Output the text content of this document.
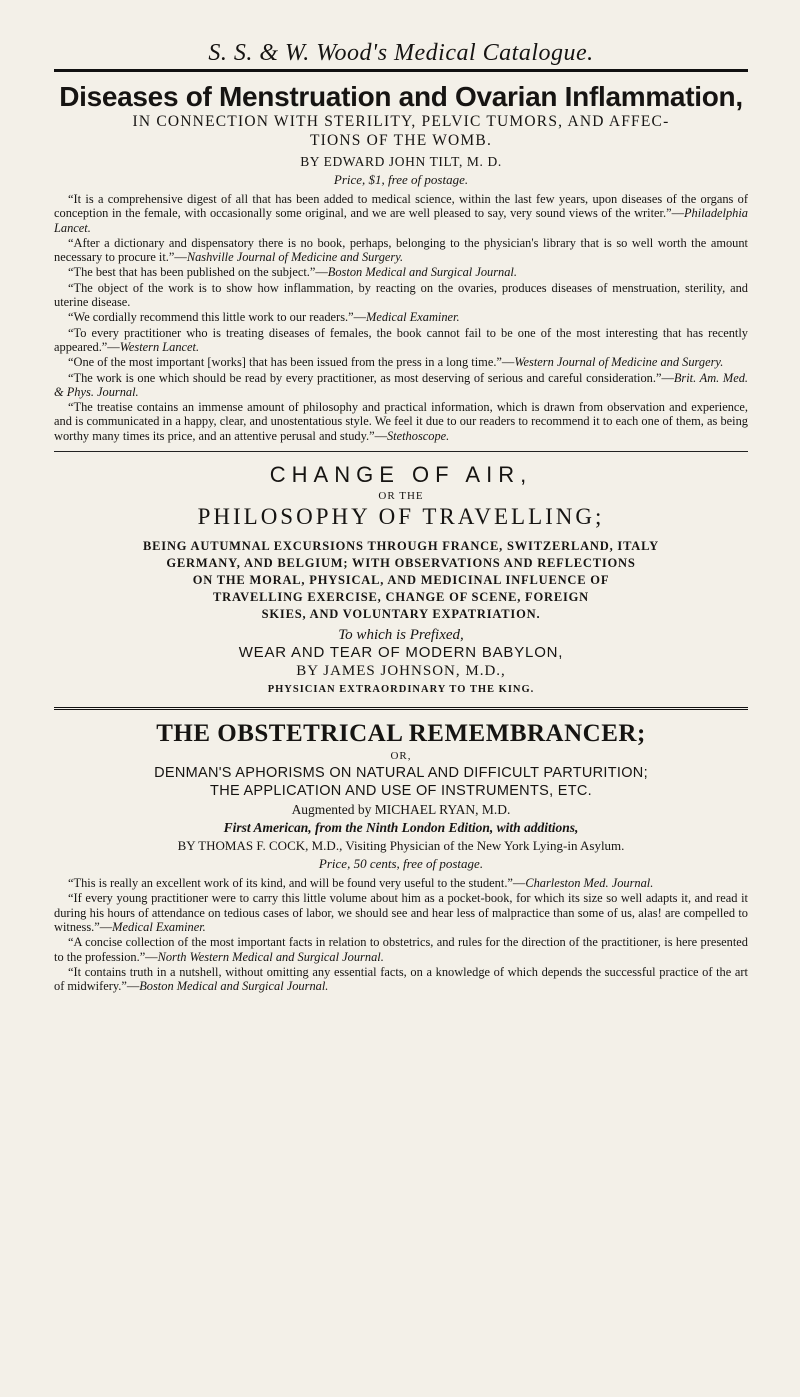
S. S. & W. Wood's Medical Catalogue.
Diseases of Menstruation and Ovarian Inflammation,
IN CONNECTION WITH STERILITY, PELVIC TUMORS, AND AFFEC-
TIONS OF THE WOMB.
BY EDWARD JOHN TILT, M. D.
Price, $1, free of postage.

“It is a comprehensive digest of all that has been added to medical science, within the last few years, upon diseases of the organs of conception in the female, with occasionally some original, and we are well pleased to say, very sound views of the writer.”—Philadelphia Lancet.

“After a dictionary and dispensatory there is no book, perhaps, belonging to the physician's library that is so well worth the amount necessary to procure it.”—Nashville Journal of Medicine and Surgery.

“The best that has been published on the subject.”—Boston Medical and Surgical Journal.

“The object of the work is to show how inflammation, by reacting on the ovaries, produces diseases of menstruation, sterility, and uterine disease.

“We cordially recommend this little work to our readers.”—Medical Examiner.

“To every practitioner who is treating diseases of females, the book cannot fail to be one of the most interesting that has recently appeared.”—Western Lancet.

“One of the most important [works] that has been issued from the press in a long time.”—Western Journal of Medicine and Surgery.

“The work is one which should be read by every practitioner, as most deserving of serious and careful consideration.”—Brit. Am. Med. & Phys. Journal.

“The treatise contains an immense amount of philosophy and practical information, which is drawn from observation and experience, and is communicated in a happy, clear, and unostentatious style. We feel it due to our readers to recommend it to each one of them, as being worthy many times its price, and an attentive perusal and study.”—Stethoscope.

CHANGE OF AIR,
OR THE
PHILOSOPHY OF TRAVELLING;
BEING AUTUMNAL EXCURSIONS THROUGH FRANCE, SWITZERLAND, ITALY
GERMANY, AND BELGIUM; WITH OBSERVATIONS AND REFLECTIONS
ON THE MORAL, PHYSICAL, AND MEDICINAL INFLUENCE OF
TRAVELLING EXERCISE, CHANGE OF SCENE, FOREIGN
SKIES, AND VOLUNTARY EXPATRIATION.
To which is Prefixed,
WEAR AND TEAR OF MODERN BABYLON,
BY JAMES JOHNSON, M.D.,
PHYSICIAN EXTRAORDINARY TO THE KING.
THE OBSTETRICAL REMEMBRANCER;
OR,
DENMAN'S APHORISMS ON NATURAL AND DIFFICULT PARTURITION;
THE APPLICATION AND USE OF INSTRUMENTS, ETC.
Augmented by MICHAEL RYAN, M.D.
First American, from the Ninth London Edition, with additions,
BY THOMAS F. COCK, M.D., Visiting Physician of the New York Lying-in Asylum.
Price, 50 cents, free of postage.

“This is really an excellent work of its kind, and will be found very useful to the student.”—Charleston Med. Journal.

“If every young practitioner were to carry this little volume about him as a pocket-book, for which its size so well adapts it, and read it during his hours of attendance on tedious cases of labor, we should see and hear less of malpractice than some of us, alas! are compelled to witness.”—Medical Examiner.

“A concise collection of the most important facts in relation to obstetrics, and rules for the direction of the practitioner, is here presented to the profession.”—North Western Medical and Surgical Journal.

“It contains truth in a nutshell, without omitting any essential facts, on a knowledge of which depends the successful practice of the art of midwifery.”—Boston Medical and Surgical Journal.
